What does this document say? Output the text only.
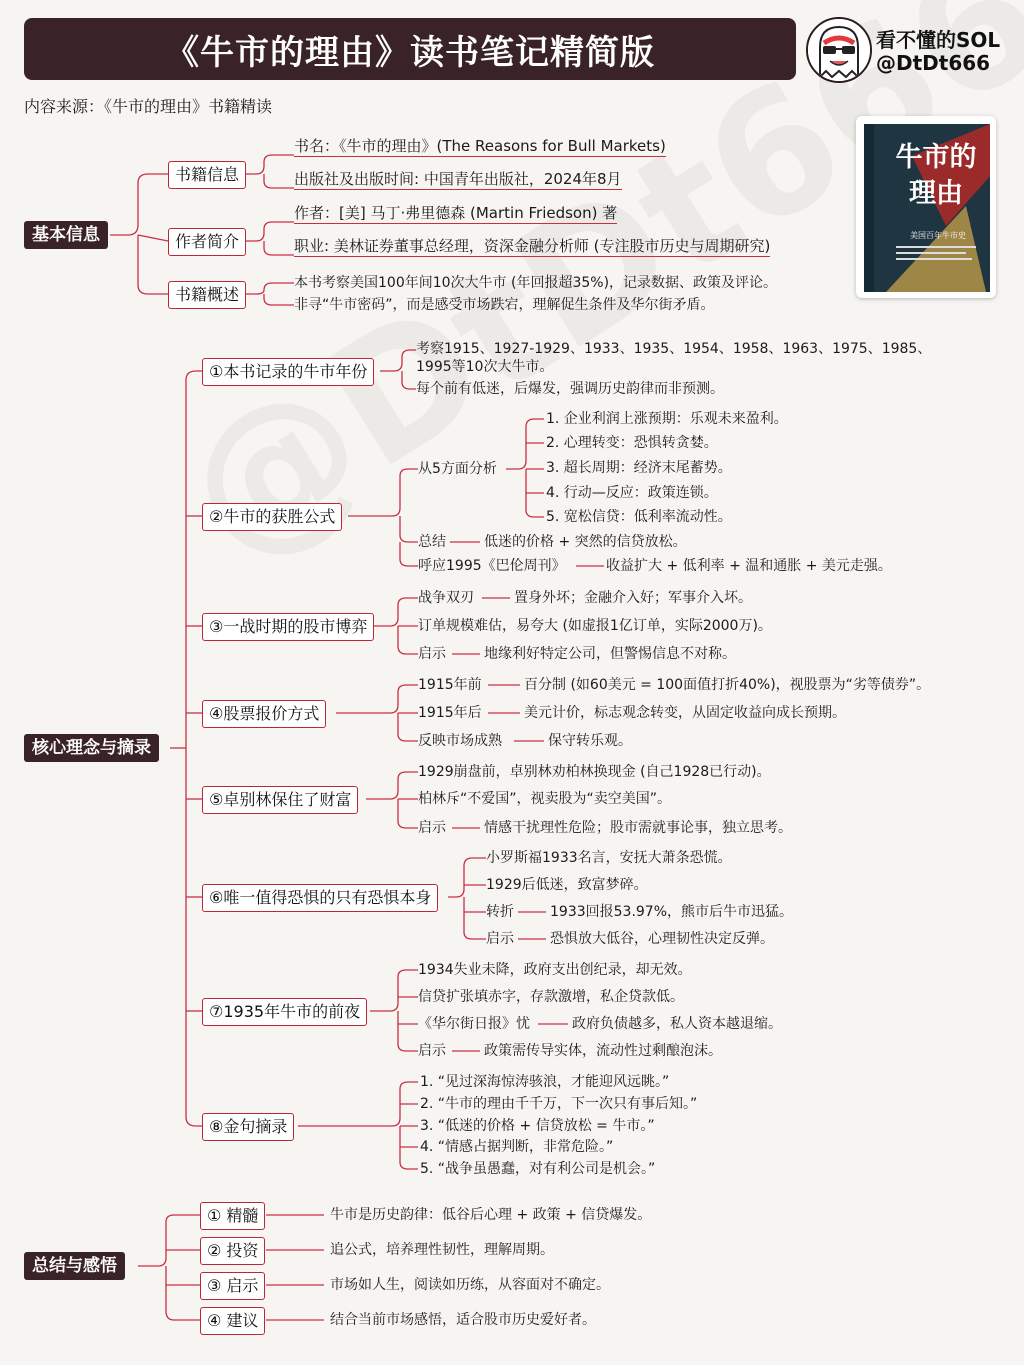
《牛市的理由》读书笔记精简版	看不懂的SOL
@DtDt666
内容来源：《牛市的理由》书籍精读
牛市的
理由
美国百年牛市史
基本信息
书籍信息
书名：《牛市的理由》(The Reasons for Bull Markets)
出版社及出版时间: 中国青年出版社，2024年8月
作者简介
作者：[美] 马丁·弗里德森 (Martin Friedson) 著
职业: 美林证券董事总经理，资深金融分析师 (专注股市历史与周期研究)
书籍概述
本书考察美国100年间10次大牛市 (年回报超35%)，记录数据、政策及评论。
非寻“牛市密码”，而是感受市场跌宕，理解促生条件及华尔街矛盾。
核心理念与摘录
①本书记录的牛市年份
考察1915、1927-1929、1933、1935、1954、1958、1963、1975、1985、
1995等10次大牛市。
每个前有低迷，后爆发，强调历史韵律而非预测。
②牛市的获胜公式
从5方面分析
1. 企业利润上涨预期：乐观未来盈利。
2. 心理转变：恐惧转贪婪。
3. 超长周期：经济末尾蓄势。
4. 行动—反应：政策连锁。
5. 宽松信贷：低利率流动性。
总结	低迷的价格 + 突然的信贷放松。
呼应1995《巴伦周刊》	收益扩大 + 低利率 + 温和通胀 + 美元走强。
③一战时期的股市博弈
战争双刃	置身外坏；金融介入好；军事介入坏。
订单规模难估，易夸大 (如虚报1亿订单，实际2000万)。
启示	地缘利好特定公司，但警惕信息不对称。
④股票报价方式
1915年前	百分制 (如60美元 = 100面值打折40%)，视股票为“劣等债券”。
1915年后	美元计价，标志观念转变，从固定收益向成长预期。
反映市场成熟	保守转乐观。
⑤卓别林保住了财富
1929崩盘前，卓别林劝柏林换现金 (自己1928已行动)。
柏林斥“不爱国”，视卖股为“卖空美国”。
启示	情感干扰理性危险；股市需就事论事，独立思考。
⑥唯一值得恐惧的只有恐惧本身
小罗斯福1933名言，安抚大萧条恐慌。
1929后低迷，致富梦碎。
转折	1933回报53.97%，熊市后牛市迅猛。
启示	恐惧放大低谷，心理韧性决定反弹。
⑦1935年牛市的前夜
1934失业未降，政府支出创纪录，却无效。
信贷扩张填赤字，存款激增，私企贷款低。
《华尔街日报》忧	政府负债越多，私人资本越退缩。
启示	政策需传导实体，流动性过剩酿泡沫。
⑧金句摘录
1. “见过深海惊涛骇浪，才能迎风远眺。”
2. “牛市的理由千千万，下一次只有事后知。”
3. “低迷的价格 + 信贷放松 = 牛市。”
4. “情感占据判断，非常危险。”
5. “战争虽愚蠢，对有利公司是机会。”
总结与感悟
① 精髓	牛市是历史韵律：低谷后心理 + 政策 + 信贷爆发。
② 投资	追公式，培养理性韧性，理解周期。
③ 启示	市场如人生，阅读如历练，从容面对不确定。
④ 建议	结合当前市场感悟，适合股市历史爱好者。
